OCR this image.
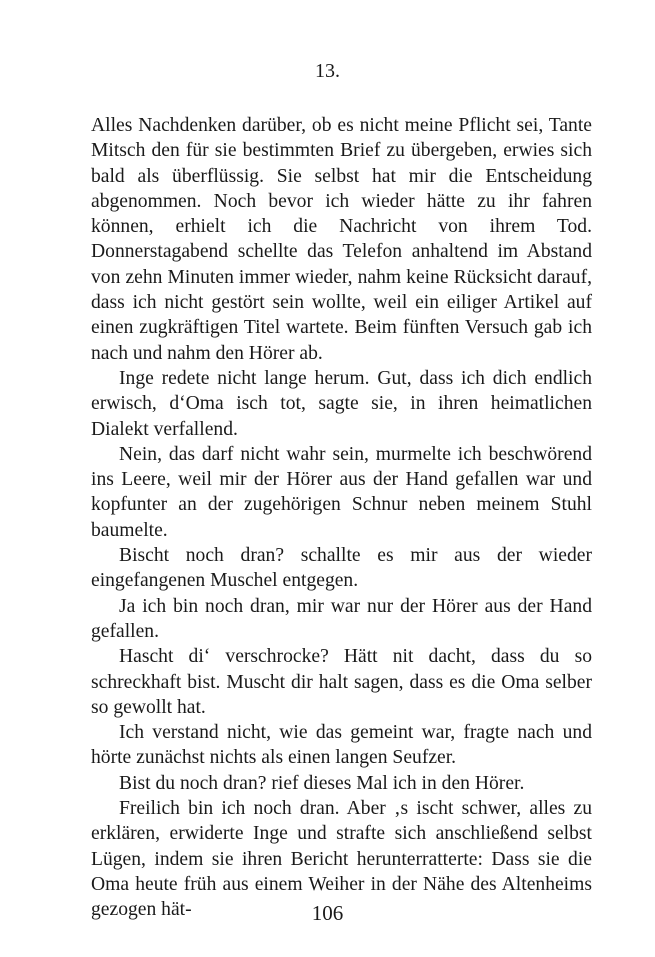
13.

Alles Nachdenken darüber, ob es nicht meine Pflicht sei, Tante Mitsch den für sie bestimmten Brief zu übergeben, erwies sich bald als überflüssig. Sie selbst hat mir die Entscheidung abgenommen. Noch bevor ich wieder hätte zu ihr fahren können, erhielt ich die Nachricht von ihrem Tod. Donnerstagabend schellte das Telefon anhaltend im Abstand von zehn Minuten immer wieder, nahm keine Rücksicht darauf, dass ich nicht gestört sein wollte, weil ein eiliger Artikel auf einen zugkräftigen Titel wartete. Beim fünften Versuch gab ich nach und nahm den Hörer ab.

Inge redete nicht lange herum. Gut, dass ich dich endlich erwisch, d‘Oma isch tot, sagte sie, in ihren heimatlichen Dialekt verfallend.

Nein, das darf nicht wahr sein, murmelte ich beschwörend ins Leere, weil mir der Hörer aus der Hand gefallen war und kopfunter an der zugehörigen Schnur neben meinem Stuhl baumelte.

Bischt noch dran? schallte es mir aus der wieder eingefangenen Muschel entgegen.

Ja ich bin noch dran, mir war nur der Hörer aus der Hand gefallen.

Hascht di‘ verschrocke? Hätt nit dacht, dass du so schreckhaft bist. Muscht dir halt sagen, dass es die Oma selber so gewollt hat.

Ich verstand nicht, wie das gemeint war, fragte nach und hörte zunächst nichts als einen langen Seufzer.

Bist du noch dran? rief dieses Mal ich in den Hörer.

Freilich bin ich noch dran. Aber ‚s ischt schwer, alles zu erklären, erwiderte Inge und strafte sich anschließend selbst Lügen, indem sie ihren Bericht herunterratterte: Dass sie die Oma heute früh aus einem Weiher in der Nähe des Altenheims gezogen hät-	106
